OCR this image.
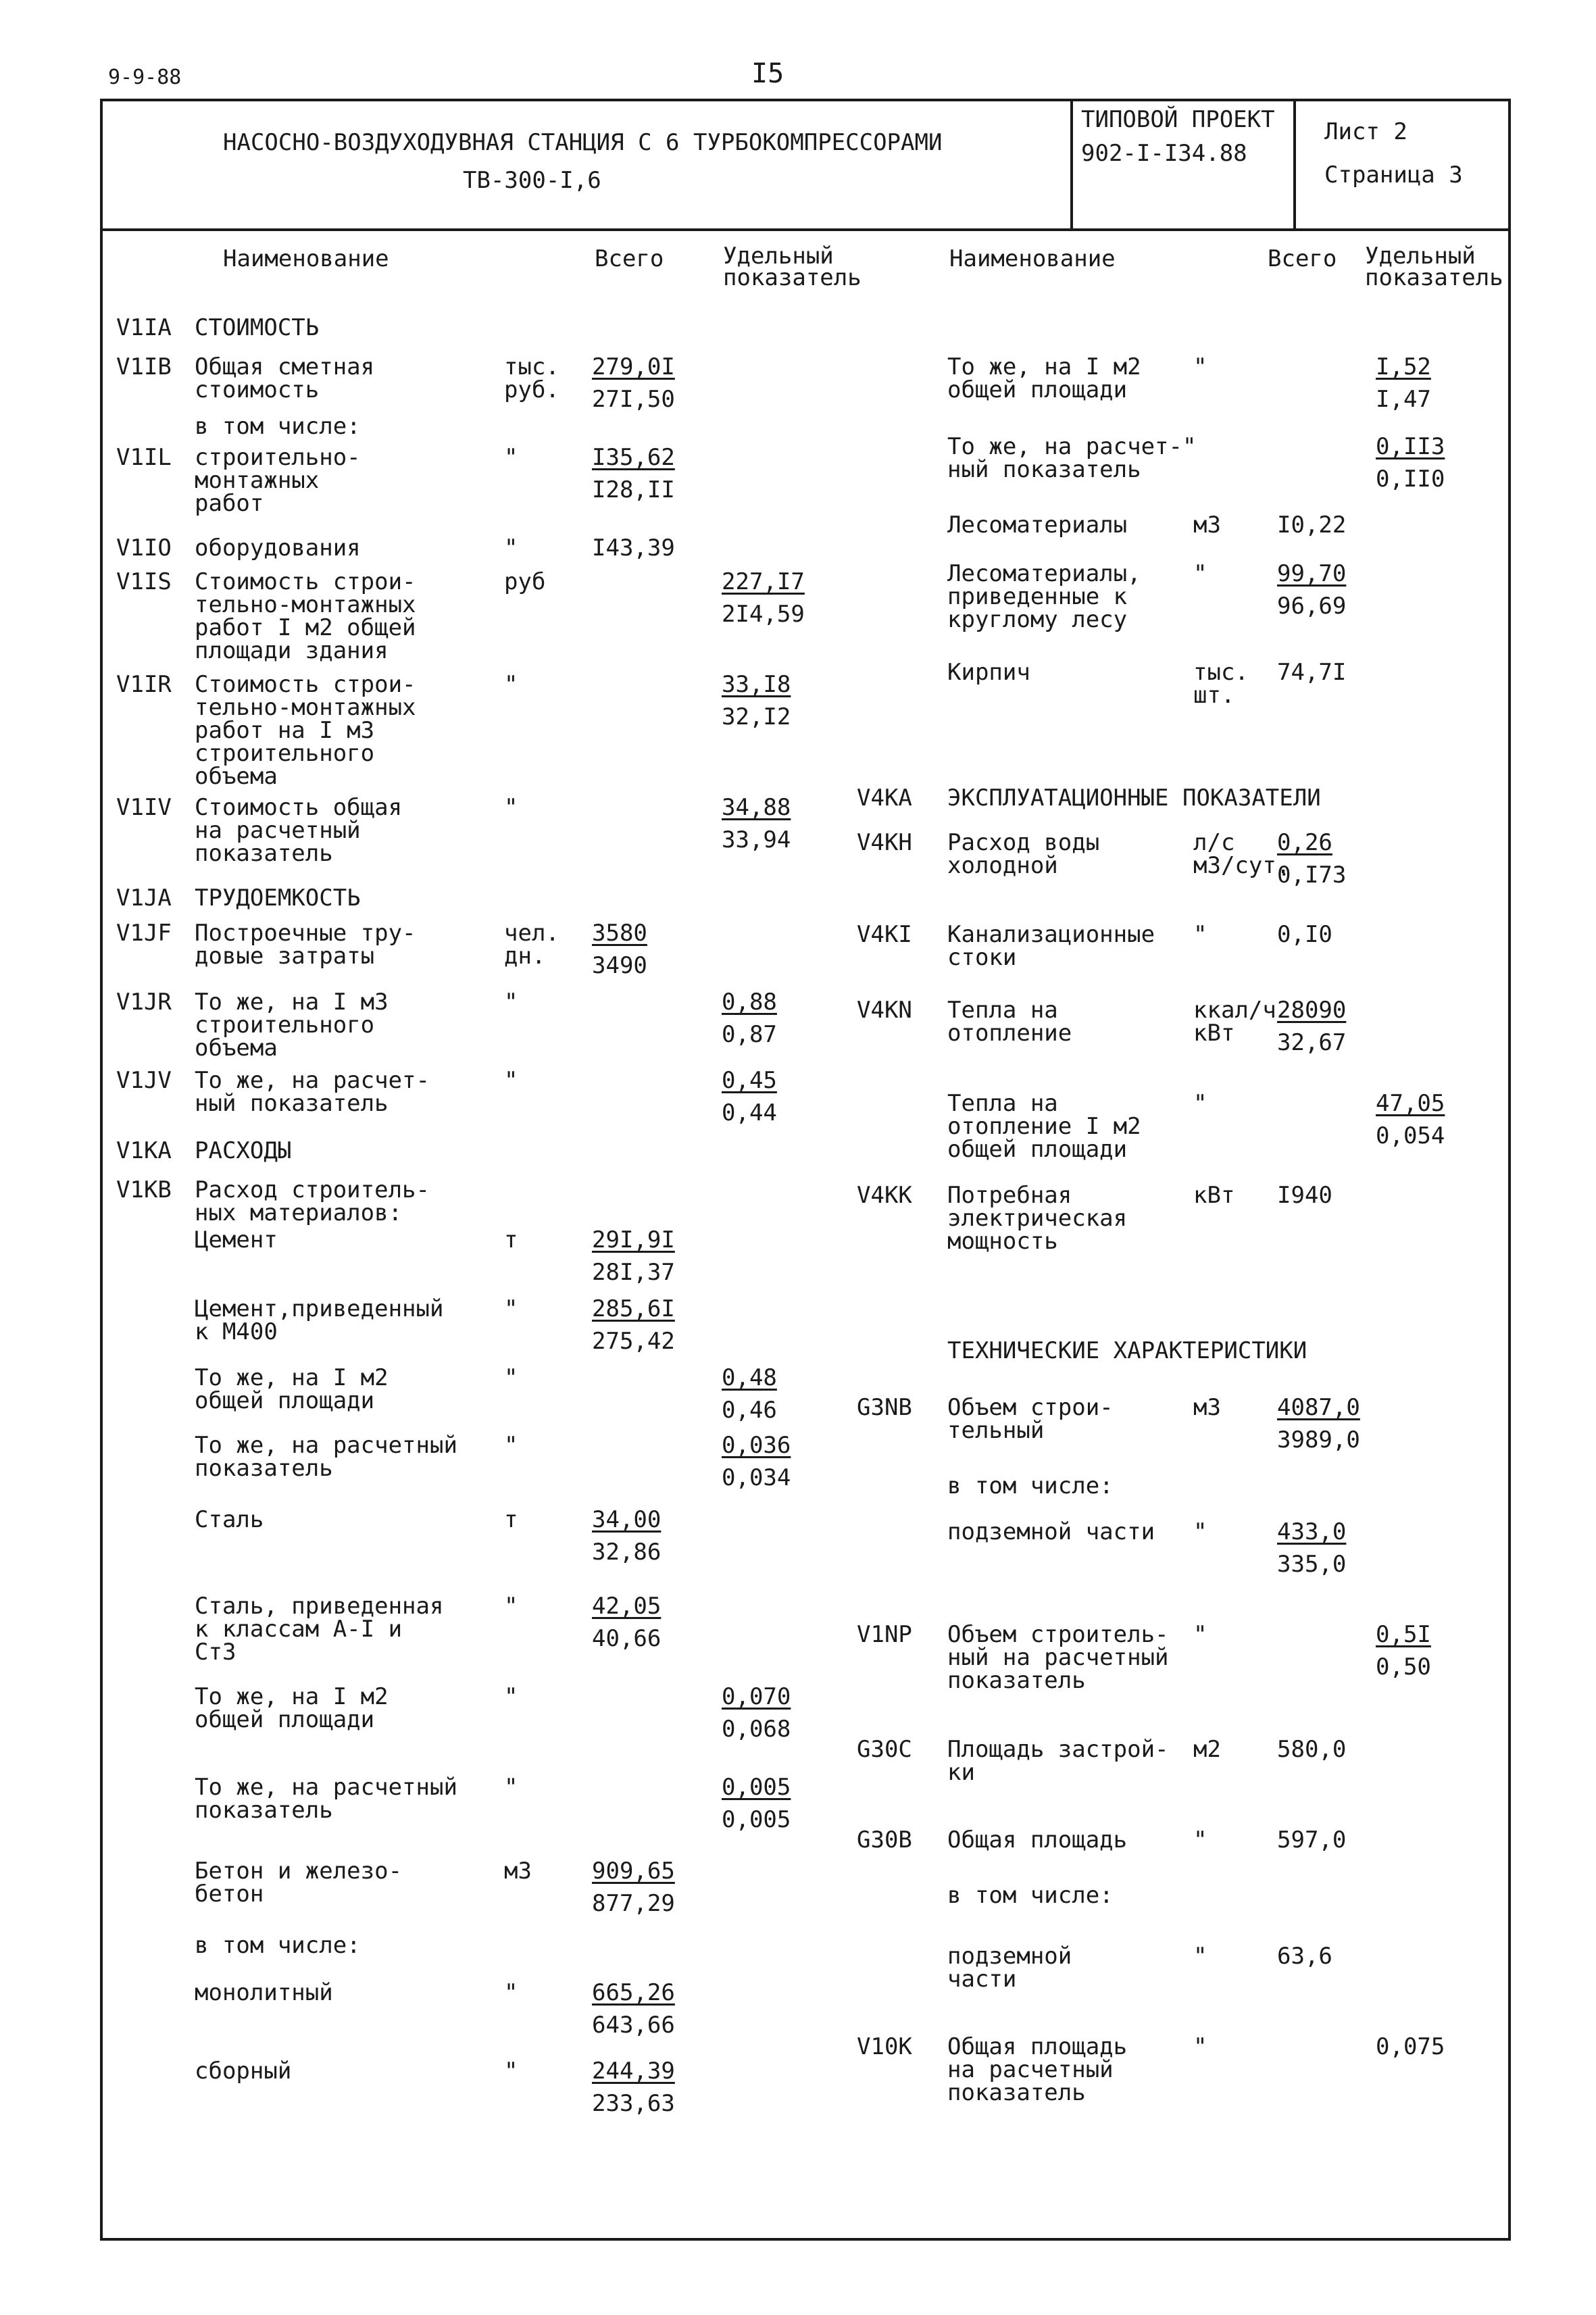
9-9-88	I5
НАСОСНО-ВОЗДУХОДУВНАЯ СТАНЦИЯ С 6 ТУРБОКОМПРЕССОРАМИ
ТВ-300-I,6
ТИПОВОЙ ПРОЕКТ
902-I-I34.88
Лист 2
Страница 3
Наименование	Всего	Удельный
показатель
Наименование	Всего Удельный
показатель
V1IA СТОИМОСТЬ
V1IB Общая сметная
стоимость
тыс.
руб.
279,0I
27I,50
в том числе:
V1IL строительно-
монтажных
работ
"	I35,62
I28,II
V1IO оборудования	"	I43,39
V1IS Стоимость строи-
тельно-монтажных
работ I м2 общей
площади здания
руб	227,I7
2I4,59
V1IR Стоимость строи-
тельно-монтажных
работ на I м3
строительного
объема
"	33,I8
32,I2
V1IV Стоимость общая
на расчетный
показатель
"	34,88
33,94
V1JA ТРУДОЕМКОСТЬ
V1JF Построечные тру-
довые затраты
чел.
дн.
3580
3490
V1JR То же, на I м3
строительного
объема
"	0,88
0,87
V1JV То же, на расчет-
ный показатель
"	0,45
0,44
V1KA РАСХОДЫ
V1KB Расход строитель-
ных материалов:
Цемент	т	29I,9I
28I,37
Цемент,приведенный
к М400
"	285,6I
275,42
То же, на I м2
общей площади
"	0,48
0,46
То же, на расчетный
показатель
"	0,036
0,034
Сталь	т	34,00
32,86
Сталь, приведенная
к классам А-I и
Ст3
"	42,05
40,66
То же, на I м2
общей площади
"	0,070
0,068
То же, на расчетный
показатель
"	0,005
0,005
Бетон и железо-
бетон
м3	909,65
877,29
в том числе:
монолитный	"	665,26
643,66
сборный	"	244,39
233,63
То же, на I м2
общей площади
"	I,52
I,47
То же, на расчет-"
ный показатель
0,II3
0,II0
Лесоматериалы	м3 I0,22
Лесоматериалы,
приведенные к
круглому лесу
"	99,70
96,69
Кирпич	тыс.
шт.
74,7I
V4KA ЭКСПЛУАТАЦИОННЫЕ ПОКАЗАТЕЛИ
V4KH Расход воды
холодной
л/с
м3/сут.
0,26
0,I73
V4KI Канализационные
стоки
"	0,I0
V4KN Тепла на
отопление
ккал/ч
кВт
28090
32,67
Тепла на
отопление I м2
общей площади
"	47,05
0,054
V4KK Потребная
электрическая
мощность
кВт I940
ТЕХНИЧЕСКИЕ ХАРАКТЕРИСТИКИ
G3NB Объем строи-
тельный
м3 4087,0
3989,0
в том числе:
подземной части "	433,0
335,0
V1NP Объем строитель-
ный на расчетный
показатель
"	0,5I
0,50
G30C Площадь застрой-
ки
м2 580,0
G30B Общая площадь	"	597,0
в том числе:
подземной
части
"	63,6
V10K Общая площадь
на расчетный
показатель
"	0,075
